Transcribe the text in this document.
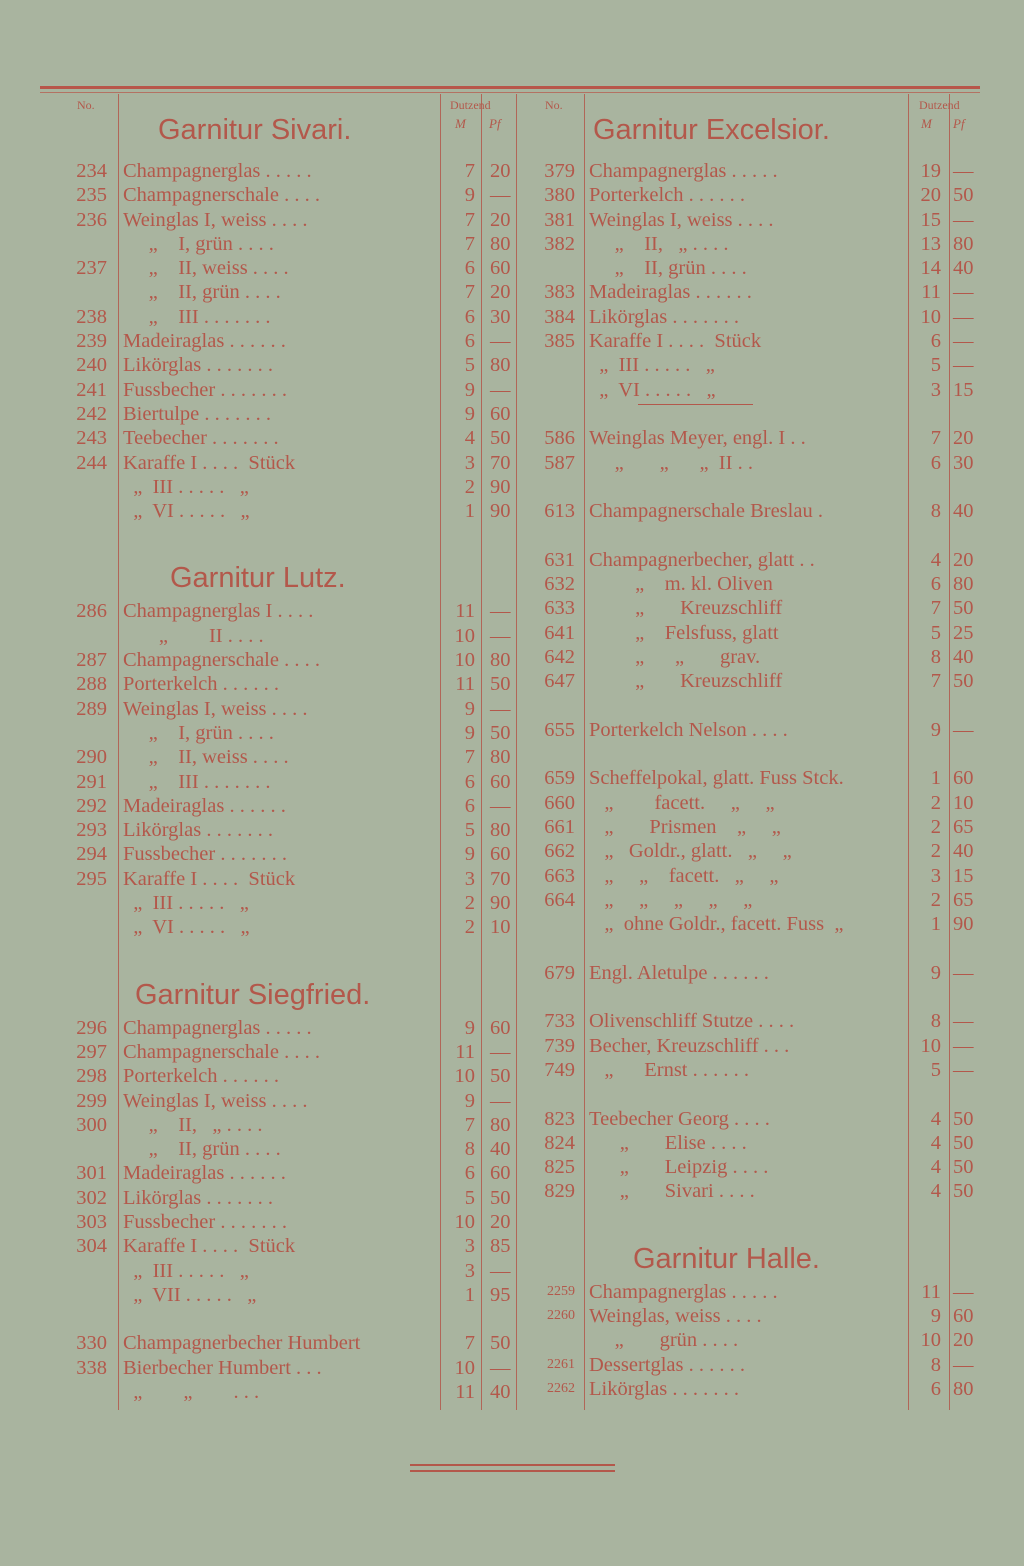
No.
Garnitur Sivari.
Dutzend
M Pf
234 Champagnerglas . . . . .	7 20
235 Champagnerschale . . . .	9 —
236 Weinglas I, weiss . . . .	7 20
„    I, grün . . . .	7 80
237 „    II, weiss . . . .	6 60
„    II, grün . . . .	7 20
238 „    III . . . . . . .	6 30
239 Madeiraglas . . . . . .	6 —
240 Likörglas . . . . . . .	5 80
241 Fussbecher . . . . . . .	9 —
242 Biertulpe . . . . . . .	9 60
243 Teebecher . . . . . . .	4 50
244 Karaffe I . . . .  Stück	3 70
„  III . . . . .   „	2 90
„  VI . . . . .   „	1 90
Garnitur Lutz.
286 Champagnerglas I . . . .	11 —
„        II . . . .	10 —
287 Champagnerschale . . . .	10 80
288 Porterkelch . . . . . .	11 50
289 Weinglas I, weiss . . . .	9 —
„    I, grün . . . .	9 50
290 „    II, weiss . . . .	7 80
291 „    III . . . . . . .	6 60
292 Madeiraglas . . . . . .	6 —
293 Likörglas . . . . . . .	5 80
294 Fussbecher . . . . . . .	9 60
295 Karaffe I . . . .  Stück	3 70
„  III . . . . .   „	2 90
„  VI . . . . .   „	2 10
Garnitur Siegfried.
296 Champagnerglas . . . . .	9 60
297 Champagnerschale . . . .	11 —
298 Porterkelch . . . . . .	10 50
299 Weinglas I, weiss . . . .	9 —
300 „    II,   „ . . . .	7 80
„    II, grün . . . .	8 40
301 Madeiraglas . . . . . .	6 60
302 Likörglas . . . . . . .	5 50
303 Fussbecher . . . . . . .	10 20
304 Karaffe I . . . .  Stück	3 85
„  III . . . . .   „	3 —
„  VII . . . . .   „	1 95
330 Champagnerbecher Humbert	7 50
338 Bierbecher Humbert . . .	10 —
„        „        . . .	11 40
No.
Garnitur Excelsior.
Dutzend
M Pf
379 Champagnerglas . . . . .	19 —
380 Porterkelch . . . . . .	20 50
381 Weinglas I, weiss . . . .	15 —
382 „    II,   „ . . . .	13 80
„    II, grün . . . .	14 40
383 Madeiraglas . . . . . .	11 —
384 Likörglas . . . . . . .	10 —
385 Karaffe I . . . .  Stück	6 —
„  III . . . . .   „	5 —
„  VI . . . . .   „	3 15
586 Weinglas Meyer, engl. I . .	7 20
587 „       „      „  II . .	6 30
613 Champagnerschale Breslau .	8 40
631 Champagnerbecher, glatt . .	4 20
632 „    m. kl. Oliven	6 80
633 „       Kreuzschliff	7 50
641 „    Felsfuss, glatt	5 25
642 „      „       grav.	8 40
647 „       Kreuzschliff	7 50
655 Porterkelch Nelson . . . .	9 —
659 Scheffelpokal, glatt. Fuss Stck.	1 60
660 „        facett.     „     „	2 10
661 „       Prismen    „     „	2 65
662 „   Goldr., glatt.   „     „	2 40
663 „     „    facett.   „     „	3 15
664 „     „     „     „     „	2 65
„  ohne Goldr., facett. Fuss  „	1 90
679 Engl. Aletulpe . . . . . .	9 —
733 Olivenschliff Stutze . . . .	8 —
739 Becher, Kreuzschliff . . .	10 —
749 „      Ernst . . . . . .	5 —
823 Teebecher Georg . . . .	4 50
824 „       Elise . . . .	4 50
825 „       Leipzig . . . .	4 50
829 „       Sivari . . . .	4 50
Garnitur Halle.
2259 Champagnerglas . . . . .	11 —
2260 Weinglas, weiss . . . .	9 60
„       grün . . . .	10 20
2261 Dessertglas . . . . . .	8 —
2262 Likörglas . . . . . . .	6 80
